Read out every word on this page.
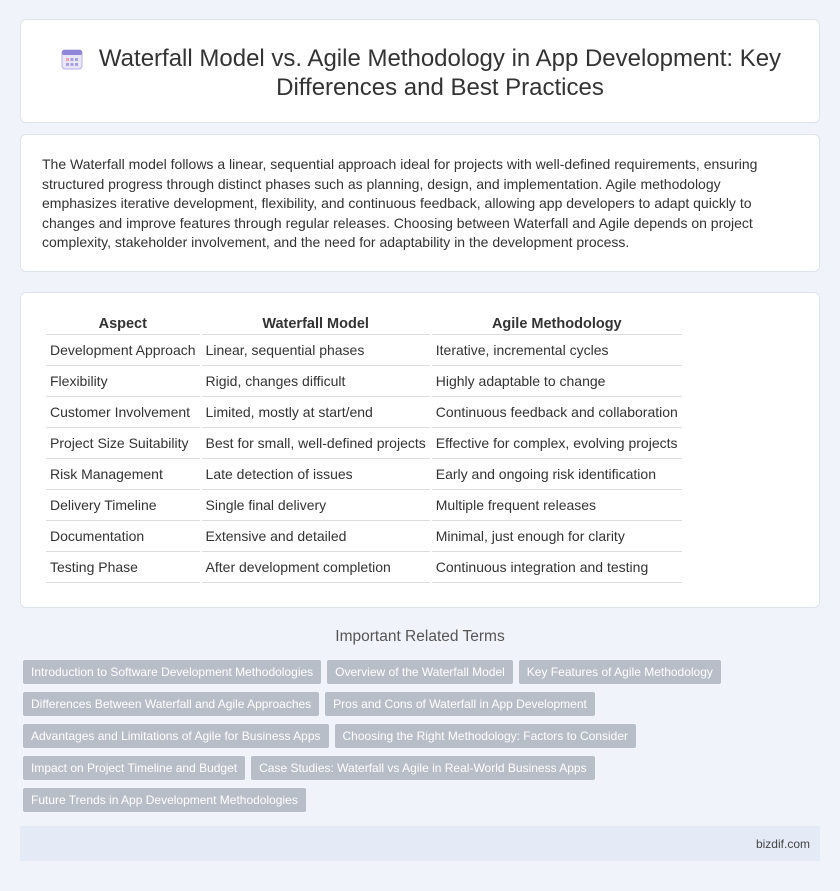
Waterfall Model vs. Agile Methodology in App Development: Key Differences and Best Practices

The Waterfall model follows a linear, sequential approach ideal for projects with well-defined requirements, ensuring structured progress through distinct phases such as planning, design, and implementation. Agile methodology emphasizes iterative development, flexibility, and continuous feedback, allowing app developers to adapt quickly to changes and improve features through regular releases. Choosing between Waterfall and Agile depends on project complexity, stakeholder involvement, and the need for adaptability in the development process.

Aspect	Waterfall Model	Agile Methodology
Development Approach	Linear, sequential phases	Iterative, incremental cycles
Flexibility	Rigid, changes difficult	Highly adaptable to change
Customer Involvement	Limited, mostly at start/end	Continuous feedback and collaboration
Project Size Suitability	Best for small, well-defined projects	Effective for complex, evolving projects
Risk Management	Late detection of issues	Early and ongoing risk identification
Delivery Timeline	Single final delivery	Multiple frequent releases
Documentation	Extensive and detailed	Minimal, just enough for clarity
Testing Phase	After development completion	Continuous integration and testing
Important Related Terms
Introduction to Software Development Methodologies	Overview of the Waterfall Model	Key Features of Agile Methodology
Differences Between Waterfall and Agile Approaches	Pros and Cons of Waterfall in App Development
Advantages and Limitations of Agile for Business Apps	Choosing the Right Methodology: Factors to Consider
Impact on Project Timeline and Budget	Case Studies: Waterfall vs Agile in Real-World Business Apps
Future Trends in App Development Methodologies
bizdif.com
